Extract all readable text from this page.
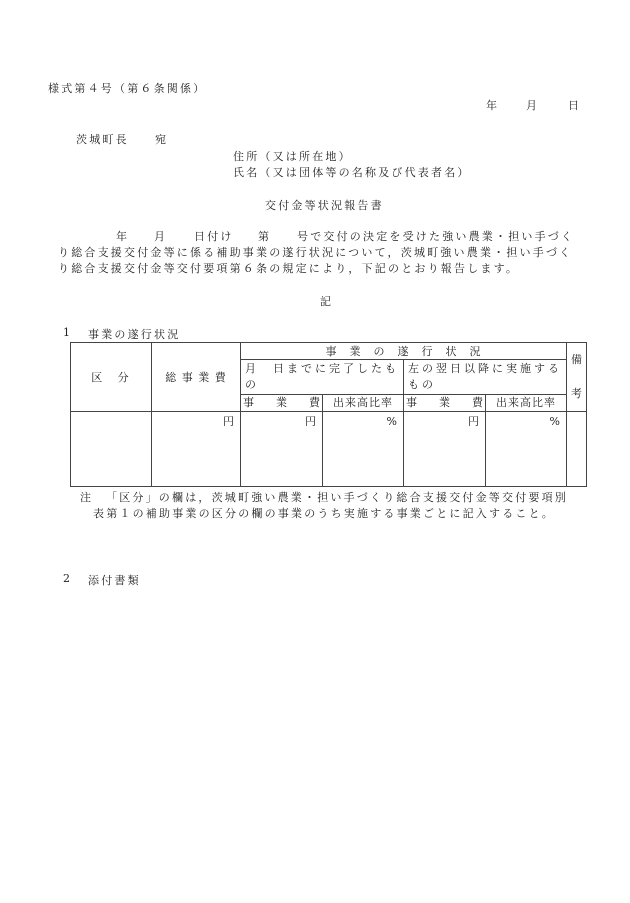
様式第４号（第６条関係）
年	月	日
茨城町長 宛
住所（又は所在地）
氏名（又は団体等の名称及び代表者名）
交付金等状況報告書
年 月	日付け 第	号で交付の決定を受けた強い農業・担い手づく
り総合支援交付金等に係る補助事業の遂行状況について，茨城町強い農業・担い手づく
り総合支援交付金等交付要項第６条の規定により，下記のとおり報告します。
記
1 事業の遂行状況
区　分	総 事 業 費	事　業　の　遂　行　状　況				備考
		月　日までに完了したもの		左の翌日以降に実施するもの		
		事　　業　　費	出来高比率	事　　業　　費	出来高比率	
	円	円	%	円	%	
注 「区分」の欄は，茨城町強い農業・担い手づくり総合支援交付金等交付要項別
表第１の補助事業の区分の欄の事業のうち実施する事業ごとに記入すること。
2 添付書類
